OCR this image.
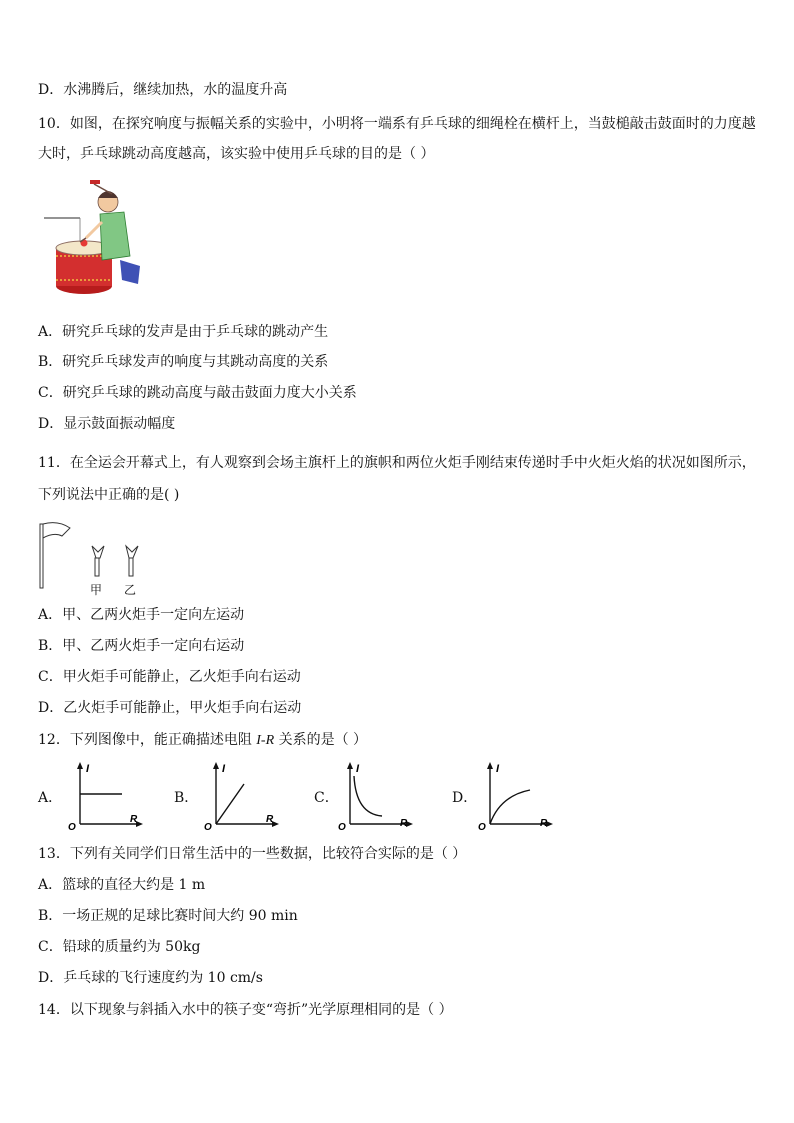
D．水沸腾后，继续加热，水的温度升高
10．如图，在探究响度与振幅关系的实验中，小明将一端系有乒乓球的细绳栓在横杆上，当鼓槌敲击鼓面时的力度越
大时，乒乓球跳动高度越高，该实验中使用乒乓球的目的是（ ）
A．研究乒乓球的发声是由于乒乓球的跳动产生
B．研究乒乓球发声的响度与其跳动高度的关系
C．研究乒乓球的跳动高度与敲击鼓面力度大小关系
D．显示鼓面振动幅度
11．在全运会开幕式上，有人观察到会场主旗杆上的旗帜和两位火炬手刚结束传递时手中火炬火焰的状况如图所示，
下列说法中正确的是( )
甲 乙
A．甲、乙两火炬手一定向左运动
B．甲、乙两火炬手一定向右运动
C．甲火炬手可能静止，乙火炬手向右运动
D．乙火炬手可能静止，甲火炬手向右运动
12．下列图像中，能正确描述电阻 I-R 关系的是（ ）
A．	B．	C．	D．
I
O
R
I
O
R
I
O	R
I
O	R
13．下列有关同学们日常生活中的一些数据，比较符合实际的是（ ）
A．篮球的直径大约是 1 m
B．一场正规的足球比赛时间大约 90 min
C．铅球的质量约为 50kg
D．乒乓球的飞行速度约为 10 cm/s
14．以下现象与斜插入水中的筷子变“弯折”光学原理相同的是（ ）
